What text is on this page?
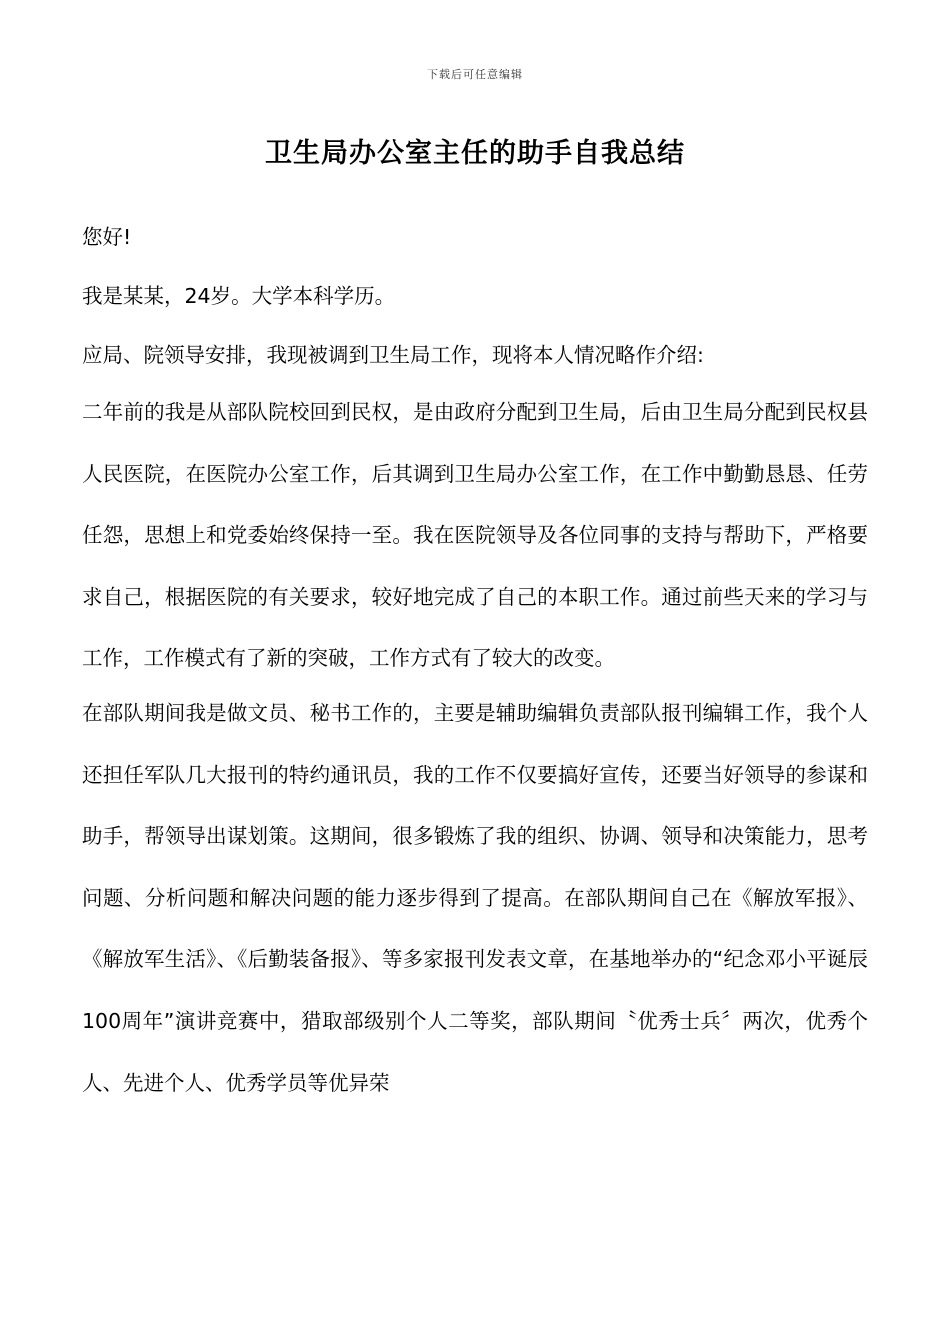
下载后可任意编辑
卫生局办公室主任的助手自我总结

您好!

我是某某，24岁。大学本科学历。

应局、院领导安排，我现被调到卫生局工作，现将本人情况略作介绍:

二年前的我是从部队院校回到民权，是由政府分配到卫生局，后由卫生局分配到民权县人民医院，在医院办公室工作，后其调到卫生局办公室工作，在工作中勤勤恳恳、任劳任怨，思想上和党委始终保持一至。我在医院领导及各位同事的支持与帮助下，严格要求自己，根据医院的有关要求，较好地完成了自己的本职工作。通过前些天来的学习与工作，工作模式有了新的突破，工作方式有了较大的改变。

在部队期间我是做文员、秘书工作的，主要是辅助编辑负责部队报刊编辑工作，我个人还担任军队几大报刊的特约通讯员，我的工作不仅要搞好宣传，还要当好领导的参谋和助手，帮领导出谋划策。这期间，很多锻炼了我的组织、协调、领导和决策能力，思考问题、分析问题和解决问题的能力逐步得到了提高。在部队期间自己在《解放军报》、《解放军生活》、《后勤装备报》、等多家报刊发表文章，在基地举办的“纪念邓小平诞辰100周年”演讲竞赛中，猎取部级别个人二等奖，部队期间〝优秀士兵〞两次，优秀个人、先进个人、优秀学员等优异荣
